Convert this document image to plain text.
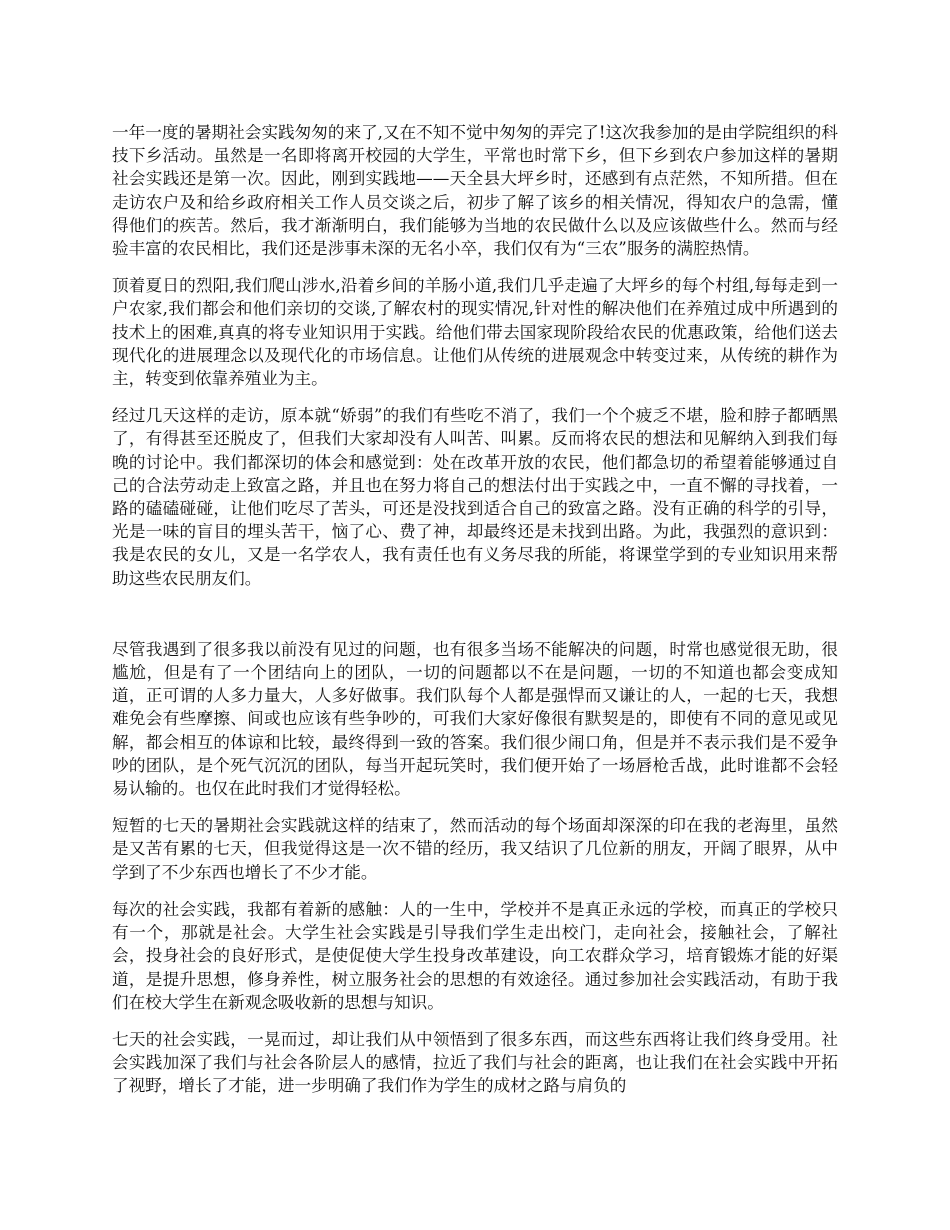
一年一度的暑期社会实践匆匆的来了,又在不知不觉中匆匆的弄完了!这次我参加的是由学院组织的科技下乡活动。虽然是一名即将离开校园的大学生，平常也时常下乡，但下乡到农户参加这样的暑期社会实践还是第一次。因此，刚到实践地——天全县大坪乡时，还感到有点茫然，不知所措。但在走访农户及和给乡政府相关工作人员交谈之后，初步了解了该乡的相关情况，得知农户的急需，懂得他们的疾苦。然后，我才渐渐明白，我们能够为当地的农民做什么以及应该做些什么。然而与经验丰富的农民相比，我们还是涉事未深的无名小卒，我们仅有为“三农”服务的满腔热情。

顶着夏日的烈阳,我们爬山涉水,沿着乡间的羊肠小道,我们几乎走遍了大坪乡的每个村组,每每走到一户农家,我们都会和他们亲切的交谈,了解农村的现实情况,针对性的解决他们在养殖过成中所遇到的技术上的困难,真真的将专业知识用于实践。给他们带去国家现阶段给农民的优惠政策，给他们送去现代化的进展理念以及现代化的市场信息。让他们从传统的进展观念中转变过来，从传统的耕作为主，转变到依靠养殖业为主。

经过几天这样的走访，原本就“娇弱”的我们有些吃不消了，我们一个个疲乏不堪，脸和脖子都晒黑了，有得甚至还脱皮了，但我们大家却没有人叫苦、叫累。反而将农民的想法和见解纳入到我们每晚的讨论中。我们都深切的体会和感觉到：处在改革开放的农民，他们都急切的希望着能够通过自己的合法劳动走上致富之路，并且也在努力将自己的想法付出于实践之中，一直不懈的寻找着，一路的磕磕碰碰，让他们吃尽了苦头，可还是没找到适合自己的致富之路。没有正确的科学的引导，光是一味的盲目的埋头苦干，恼了心、费了神，却最终还是未找到出路。为此，我强烈的意识到：我是农民的女儿，又是一名学农人，我有责任也有义务尽我的所能，将课堂学到的专业知识用来帮助这些农民朋友们。

尽管我遇到了很多我以前没有见过的问题，也有很多当场不能解决的问题，时常也感觉很无助，很尴尬，但是有了一个团结向上的团队，一切的问题都以不在是问题，一切的不知道也都会变成知道，正可谓的人多力量大，人多好做事。我们队每个人都是强悍而又谦让的人，一起的七天，我想难免会有些摩擦、间或也应该有些争吵的，可我们大家好像很有默契是的，即使有不同的意见或见解，都会相互的体谅和比较，最终得到一致的答案。我们很少闹口角，但是并不表示我们是不爱争吵的团队，是个死气沉沉的团队，每当开起玩笑时，我们便开始了一场唇枪舌战，此时谁都不会轻易认输的。也仅在此时我们才觉得轻松。

短暂的七天的暑期社会实践就这样的结束了，然而活动的每个场面却深深的印在我的老海里，虽然是又苦有累的七天，但我觉得这是一次不错的经历，我又结识了几位新的朋友，开阔了眼界，从中学到了不少东西也增长了不少才能。

每次的社会实践，我都有着新的感触：人的一生中，学校并不是真正永远的学校，而真正的学校只有一个，那就是社会。大学生社会实践是引导我们学生走出校门，走向社会，接触社会，了解社会，投身社会的良好形式，是使促使大学生投身改革建设，向工农群众学习，培育锻炼才能的好渠道，是提升思想，修身养性，树立服务社会的思想的有效途径。通过参加社会实践活动，有助于我们在校大学生在新观念吸收新的思想与知识。

七天的社会实践，一晃而过，却让我们从中领悟到了很多东西，而这些东西将让我们终身受用。社会实践加深了我们与社会各阶层人的感情，拉近了我们与社会的距离，也让我们在社会实践中开拓了视野，增长了才能，进一步明确了我们作为学生的成材之路与肩负的
